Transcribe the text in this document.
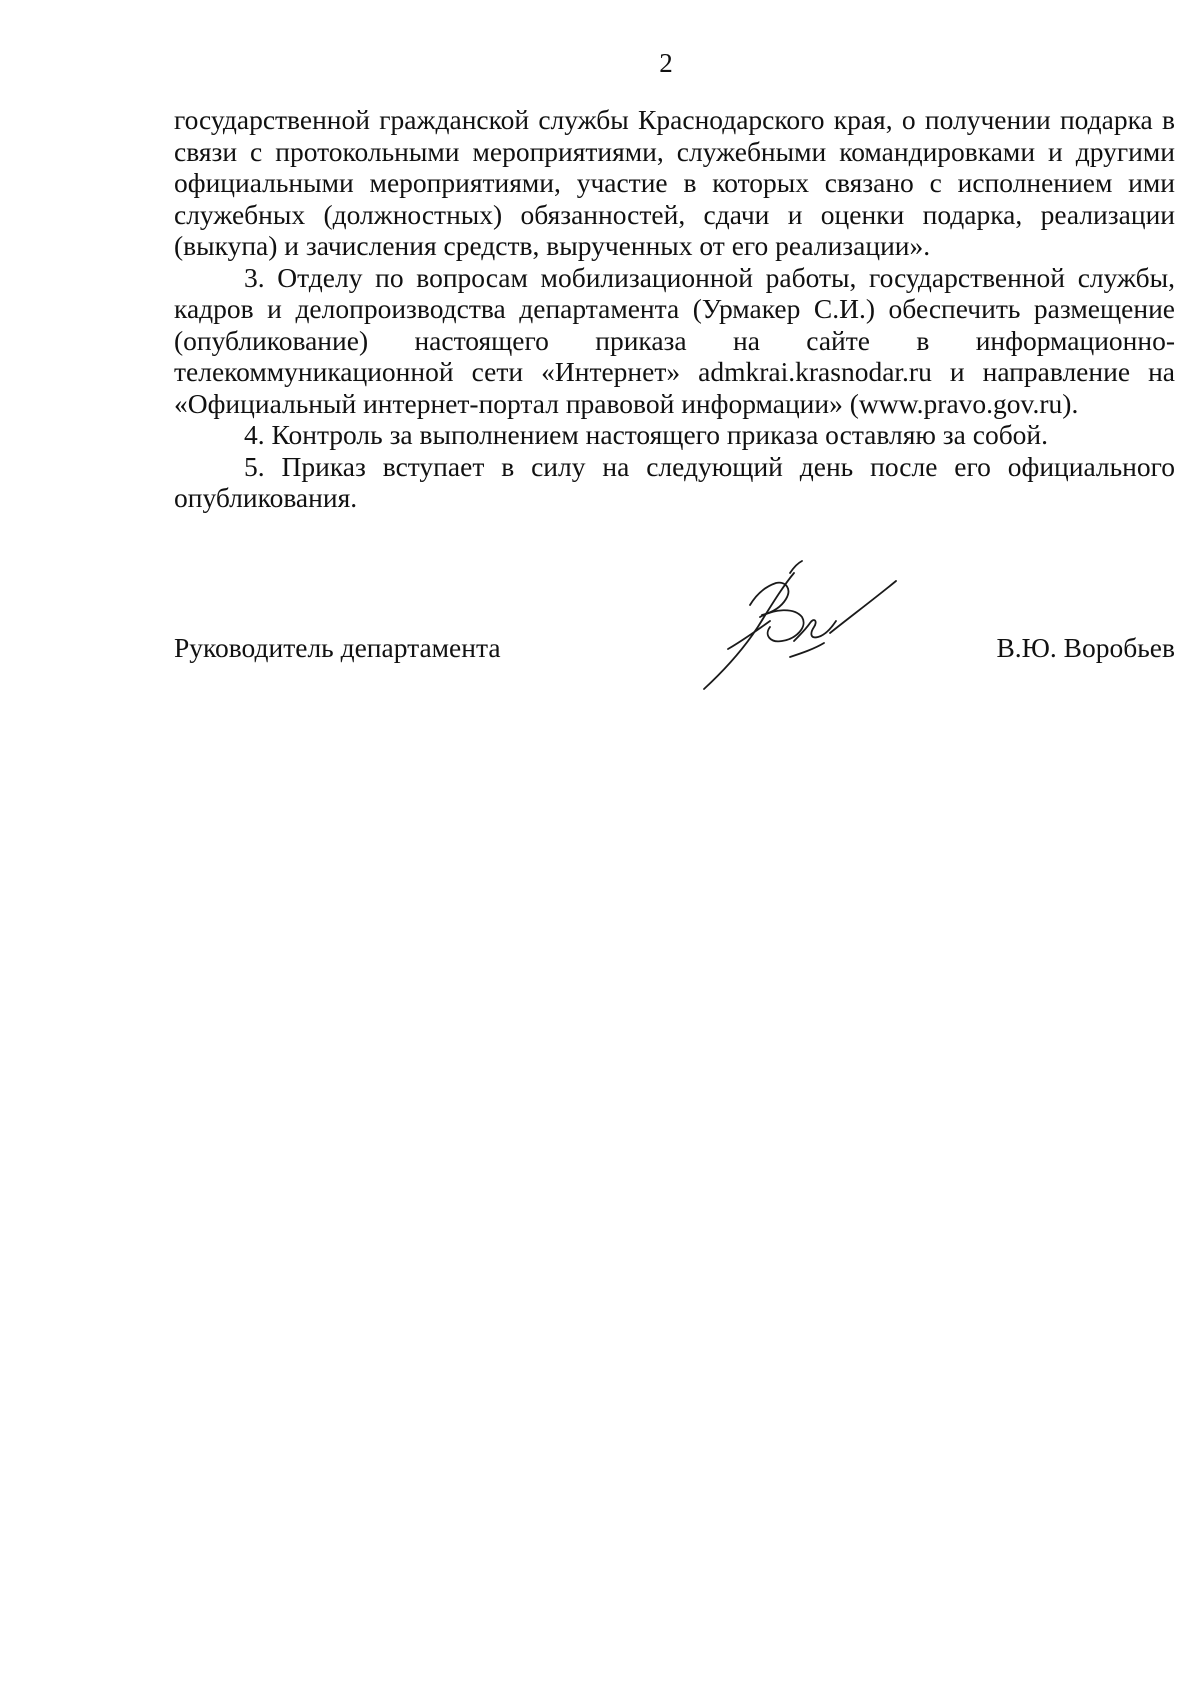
2

государственной гражданской службы Краснодарского края, о получении подарка в связи с протокольными мероприятиями, служебными командировками и другими официальными мероприятиями, участие в которых связано с исполнением ими служебных (должностных) обязанностей, сдачи и оценки подарка, реализации (выкупа) и зачисления средств, вырученных от его реализации».

3. Отделу по вопросам мобилизационной работы, государственной службы, кадров и делопроизводства департамента (Урмакер С.И.) обеспечить размещение (опубликование) настоящего приказа на сайте в информационно-телекоммуникационной сети «Интернет» admkrai.krasnodar.ru и направление на «Официальный интернет-портал правовой информации» (www.pravo.gov.ru).

4. Контроль за выполнением настоящего приказа оставляю за собой.

5. Приказ вступает в силу на следующий день после его официального опубликования.

Руководитель департамента	В.Ю. Воробьев
